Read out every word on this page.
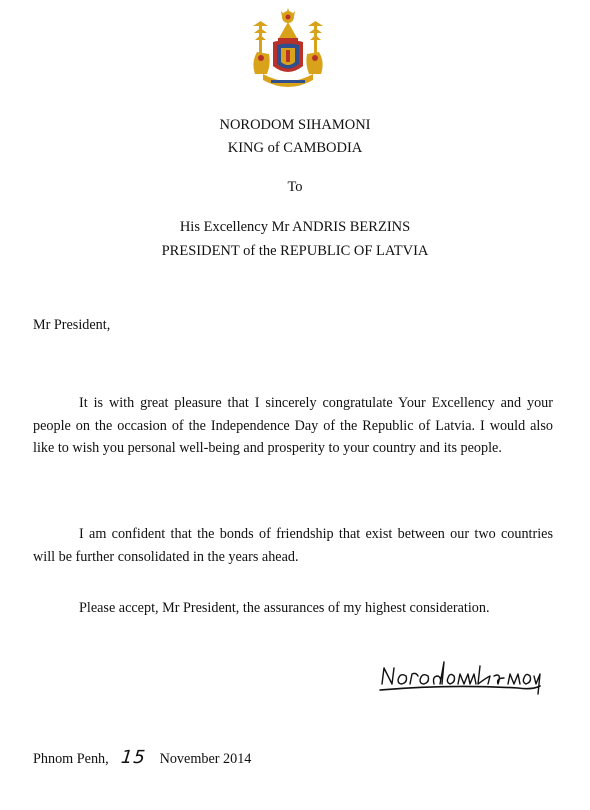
NORODOM SIHAMONI
KING of CAMBODIA
To
His Excellency Mr ANDRIS BERZINS
PRESIDENT of the REPUBLIC OF LATVIA
Mr President,

It is with great pleasure that I sincerely congratulate Your Excellency and your people on the occasion of the Independence Day of the Republic of Latvia. I would also like to wish you personal well-being and prosperity to your country and its people.

I am confident that the bonds of friendship that exist between our two countries will be further consolidated in the years ahead.

Please accept, Mr President, the assurances of my highest consideration.

Phnom Penh, 15 November 2014
